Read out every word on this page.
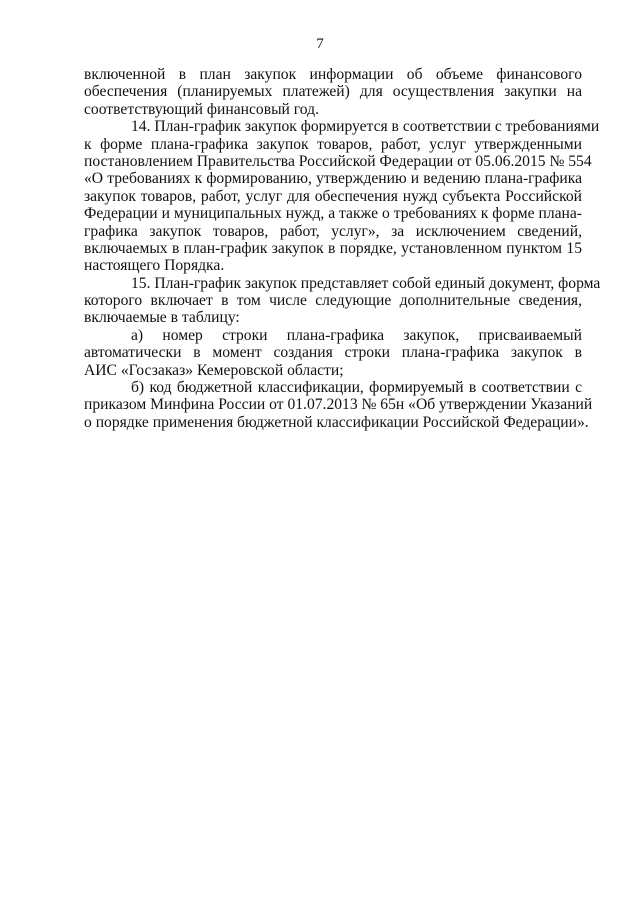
7
включенной в план закупок информации об объеме финансового
обеспечения (планируемых платежей) для осуществления закупки на
соответствующий финансовый год.
14. План-график закупок формируется в соответствии с требованиями
к форме плана-графика закупок товаров, работ, услуг утвержденными
постановлением Правительства Российской Федерации от 05.06.2015 № 554
«О требованиях к формированию, утверждению и ведению плана-графика
закупок товаров, работ, услуг для обеспечения нужд субъекта Российской
Федерации и муниципальных нужд, а также о требованиях к форме плана-
графика закупок товаров, работ, услуг», за исключением сведений,
включаемых в план-график закупок в порядке, установленном пунктом 15
настоящего Порядка.
15. План-график закупок представляет собой единый документ, форма
которого включает в том числе следующие дополнительные сведения,
включаемые в таблицу:
а) номер строки плана-графика закупок, присваиваемый
автоматически в момент создания строки плана-графика закупок в
АИС «Госзаказ» Кемеровской области;
б) код бюджетной классификации, формируемый в соответствии с
приказом Минфина России от 01.07.2013 № 65н «Об утверждении Указаний
о порядке применения бюджетной классификации Российской Федерации».
